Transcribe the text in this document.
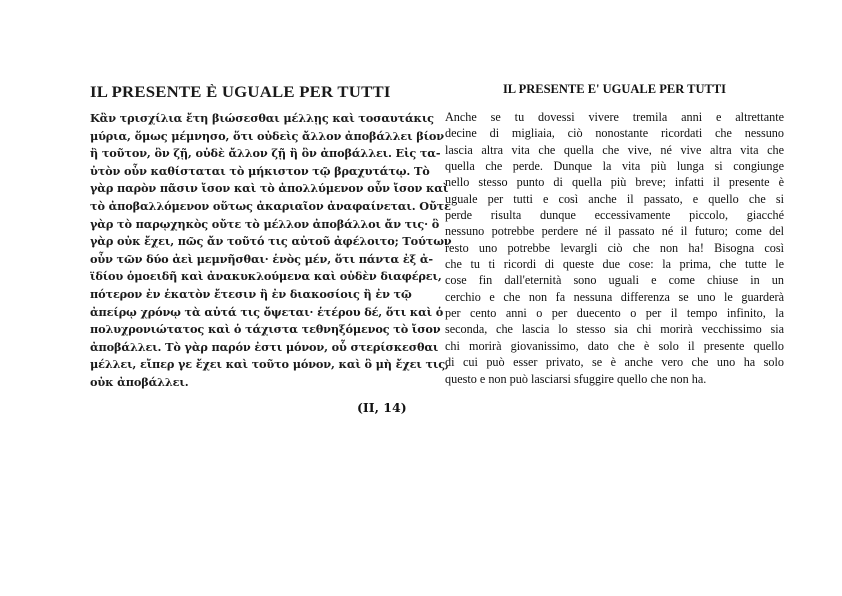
IL PRESENTE È UGUALE PER TUTTI
Κἂν τρισχίλια ἔτη βιώσεσθαι μέλλῃς καὶ τοσαυτάκις
μύρια, ὅμως μέμνησο, ὅτι οὐδεὶς ἄλλον ἀποβάλλει βίον
ἢ τοῦτον, ὃν ζῇ, οὐδὲ ἄλλον ζῇ ἢ ὃν ἀποβάλλει. Εἰς τα-
ὐτὸν οὖν καθίσταται τὸ μήκιστον τῷ βραχυτάτῳ. Τὸ
γὰρ παρὸν πᾶσιν ἴσον καὶ τὸ ἀπολλύμενον οὖν ἴσον καὶ
τὸ ἀποβαλλόμενον οὕτως ἀκαριαῖον ἀναφαίνεται. Οὔτε
γὰρ τὸ παρῳχηκὸς οὔτε τὸ μέλλον ἀποβάλλοι ἄν τις· ὃ
γὰρ οὐκ ἔχει, πῶς ἄν τοῦτό τις αὐτοῦ ἀφέλοιτο; Τούτων
οὖν τῶν δύο ἀεὶ μεμνῆσθαι· ἑνὸς μέν, ὅτι πάντα ἐξ ἀ-
ϊδίου ὁμοειδῆ καὶ ἀνακυκλούμενα καὶ οὐδὲν διαφέρει,
πότερον ἐν ἑκατὸν ἔτεσιν ἢ ἐν διακοσίοις ἢ ἐν τῷ
ἀπείρῳ χρόνῳ τὰ αὐτά τις ὄψεται· ἑτέρου δέ, ὅτι καὶ ὁ
πολυχρονιώτατος καὶ ὁ τάχιστα τεθνηξόμενος τὸ ἴσον
ἀποβάλλει. Τὸ γὰρ παρόν ἐστι μόνον, οὗ στερίσκεσθαι
μέλλει, εἴπερ γε ἔχει καὶ τοῦτο μόνον, καὶ ὃ μὴ ἔχει τις,
οὐκ ἀποβάλλει.
(II, 14)
IL PRESENTE E' UGUALE PER TUTTI
Anche se tu dovessi vivere tremila anni e altrettante
decine di migliaia, ciò nonostante ricordati che nessuno
lascia altra vita che quella che vive, né vive altra vita che
quella che perde. Dunque la vita più lunga si congiunge
nello stesso punto di quella più breve; infatti il presente è
uguale per tutti e così anche il passato, e quello che si
perde risulta dunque eccessivamente piccolo, giacché
nessuno potrebbe perdere né il passato né il futuro; come del
resto uno potrebbe levargli ciò che non ha! Bisogna così
che tu ti ricordi di queste due cose: la prima, che tutte le
cose fin dall'eternità sono uguali e come chiuse in un
cerchio e che non fa nessuna differenza se uno le guarderà
per cento anni o per duecento o per il tempo infinito, la
seconda, che lascia lo stesso sia chi morirà vecchissimo sia
chi morirà giovanissimo, dato che è solo il presente quello
di cui può esser privato, se è anche vero che uno ha solo
questo e non può lasciarsi sfuggire quello che non ha.
